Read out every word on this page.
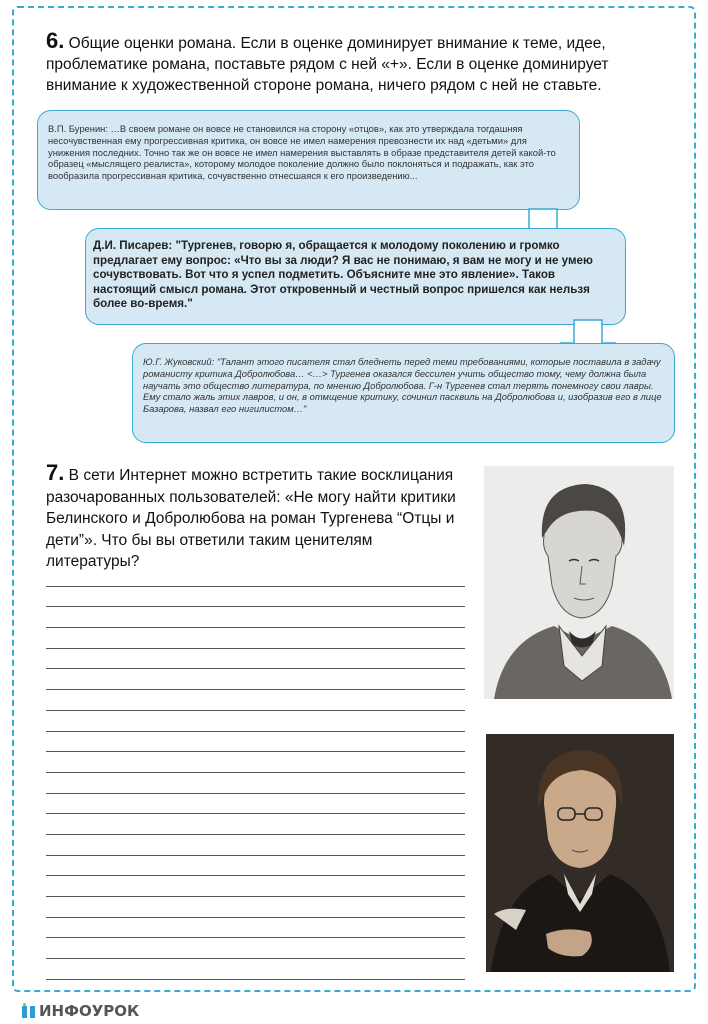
6. Общие оценки романа. Если в оценке доминирует внимание к теме, идее, проблематике романа, поставьте рядом с ней «+». Если в оценке доминирует внимание к художественной стороне романа, ничего рядом с ней не ставьте.
В.П. Буренин: …В своем романе он вовсе не становился на сторону «отцов», как это утверждала тогдашняя несочувственная ему прогрессивная критика, он вовсе не имел намерения превознести их над «детьми» для унижения последних. Точно так же он вовсе не имел намерения выставлять в образе представителя детей какой-то образец «мыслящего реалиста», которому молодое поколение должно было поклоняться и подражать, как это вообразила прогрессивная критика, сочувственно отнесшаяся к его произведению...
Д.И. Писарев: "Тургенев, говорю я, обращается к молодому поколению и громко предлагает ему вопрос: «Что вы за люди? Я вас не понимаю, я вам не могу и не умею сочувствовать. Вот что я успел подметить. Объясните мне это явление». Таков настоящий смысл романа. Этот откровенный и честный вопрос пришелся как нельзя более во-время."
Ю.Г. Жуковский: "Талант этого писателя стал бледнеть перед теми требованиями, которые поставила в задачу романисту критика Добролюбова… <…> Тургенев оказался бессилен учить общество тому, чему должна была научать это общество литература, по мнению Добролюбова. Г-н Тургенев стал терять понемногу свои лавры. Ему стало жаль этих лавров, и он, в отмщение критику, сочинил пасквиль на Добролюбова и, изобразив его в лице Базарова, назвал его нигилистом…"
7. В сети Интернет можно встретить такие восклицания разочарованных пользователей: «Не могу найти критики Белинского и Добролюбова на роман Тургенева “Отцы и дети”». Что бы вы ответили таким ценителям литературы?
ИНФОУРОК
